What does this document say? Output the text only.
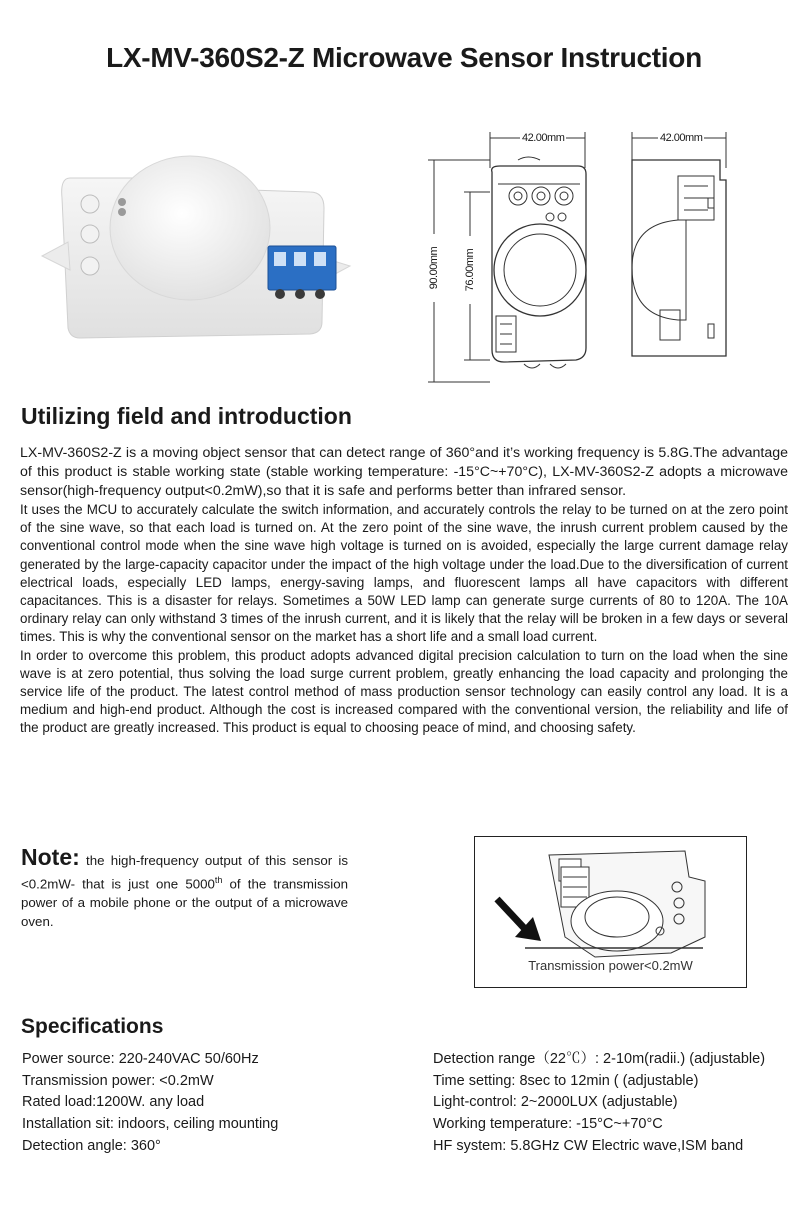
LX-MV-360S2-Z Microwave Sensor Instruction
42.00mm	42.00mm
90.00mm 76.00mm
Utilizing field and introduction

LX-MV-360S2-Z is a moving object sensor that can detect range of 360°and it’s working frequency is 5.8G.The advantage of this product is stable working state (stable working temperature: -15°C~+70°C), LX-MV-360S2-Z adopts a microwave sensor(high-frequency output<0.2mW),so that it is safe and performs better than infrared sensor.

It uses the MCU to accurately calculate the switch information, and accurately controls the relay to be turned on at the zero point of the sine wave, so that each load is turned on. At the zero point of the sine wave, the inrush current problem caused by the conventional control mode when the sine wave high voltage is turned on is avoided, especially the large current damage relay generated by the large-capacity capacitor under the impact of the high voltage under the load.Due to the diversification of current electrical loads, especially LED lamps, energy-saving lamps, and fluorescent lamps all have capacitors with different capacitances. This is a disaster for relays. Sometimes a 50W LED lamp can generate surge currents of 80 to 120A. The 10A ordinary relay can only withstand 3 times of the inrush current, and it is likely that the relay will be broken in a few days or several times. This is why the conventional sensor on the market has a short life and a small load current.

In order to overcome this problem, this product adopts advanced digital precision calculation to turn on the load when the sine wave is at zero potential, thus solving the load surge current problem, greatly enhancing the load capacity and prolonging the service life of the product. The latest control method of mass production sensor technology can easily control any load. It is a medium and high-end product. Although the cost is increased compared with the conventional version, the reliability and life of the product are greatly increased. This product is equal to choosing peace of mind, and choosing safety.

Note: the high-frequency output of this sensor is <0.2mW- that is just one 5000th of the transmission power of a mobile phone or the output of a microwave oven.
Transmission power<0.2mW
Specifications
Power source: 220-240VAC 50/60Hz
Transmission power: <0.2mW
Rated load:1200W. any load
Installation sit: indoors, ceiling mounting
Detection angle: 360°
Detection range（22℃）: 2-10m(radii.) (adjustable)
Time setting: 8sec to 12min ( (adjustable)
Light-control: 2~2000LUX (adjustable)
Working temperature: -15°C~+70°C
HF system: 5.8GHz CW Electric wave,ISM band
